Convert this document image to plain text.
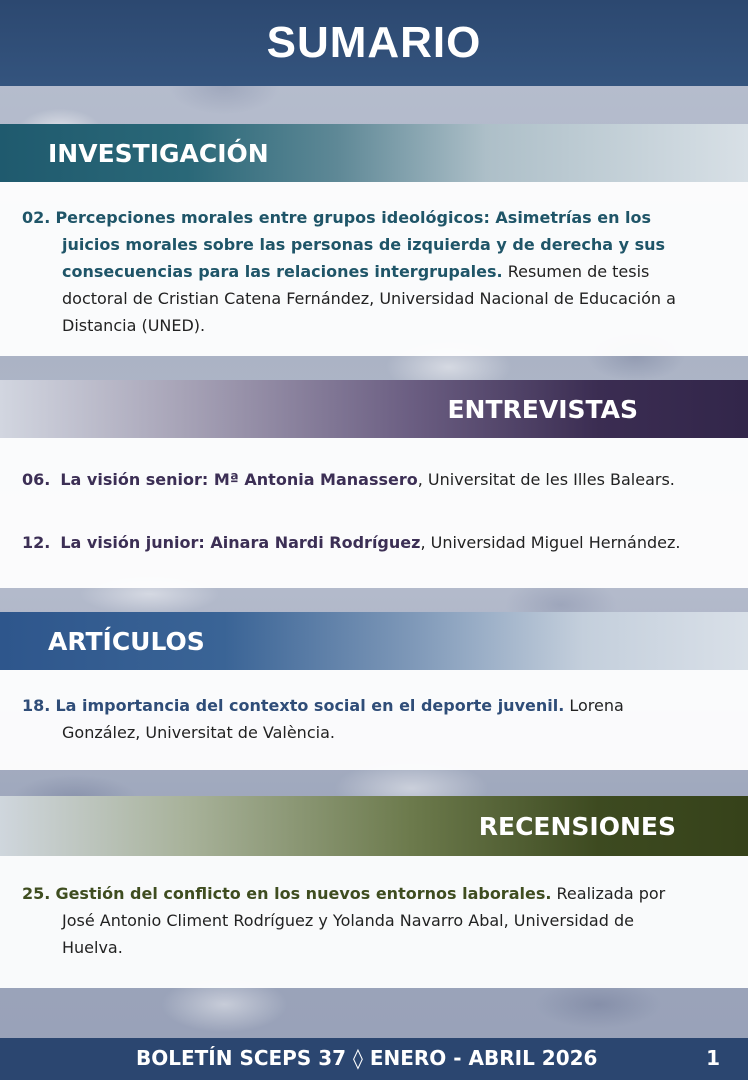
SUMARIO
INVESTIGACIÓN
02. Percepciones morales entre grupos ideológicos: Asimetrías en los juicios morales sobre las personas de izquierda y de derecha y sus consecuencias para las relaciones intergrupales. Resumen de tesis doctoral de Cristian Catena Fernández, Universidad Nacional de Educación a Distancia (UNED).
ENTREVISTAS
06. La visión senior: Mª Antonia Manassero, Universitat de les Illes Balears.
12. La visión junior: Ainara Nardi Rodríguez, Universidad Miguel Hernández.
ARTÍCULOS
18. La importancia del contexto social en el deporte juvenil. Lorena González, Universitat de València.
RECENSIONES
25. Gestión del conflicto en los nuevos entornos laborales. Realizada por José Antonio Climent Rodríguez y Yolanda Navarro Abal, Universidad de Huelva.
BOLETÍN SCEPS 37 ◊ ENERO - ABRIL 2026	1
